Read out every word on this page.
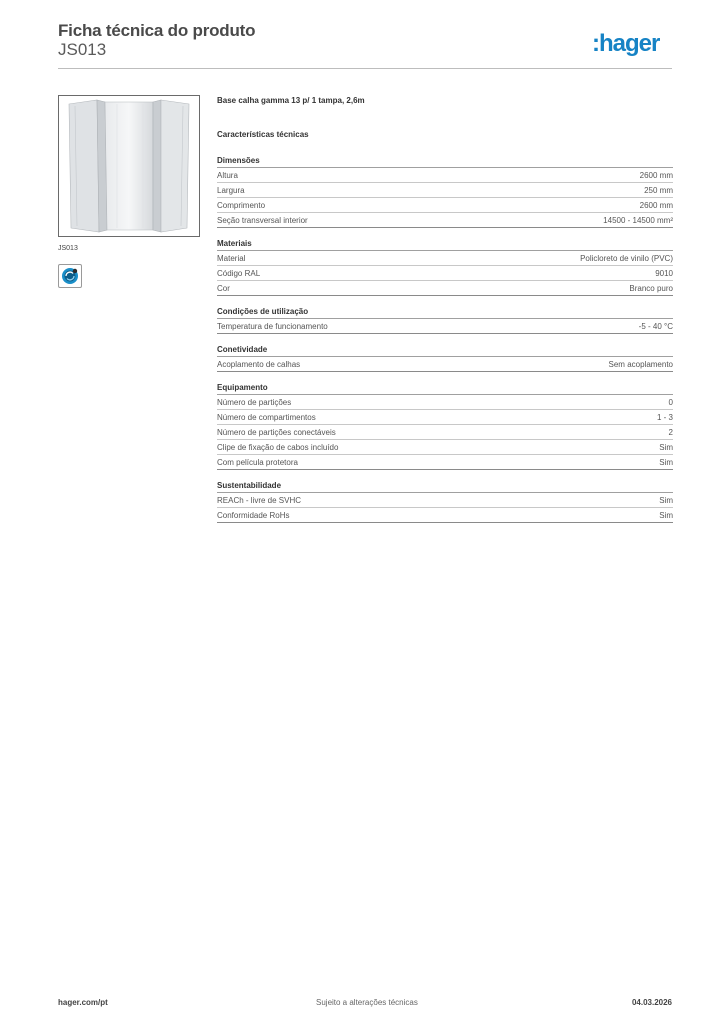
Ficha técnica do produto
JS013	:hager
JS013
Base calha gamma 13 p/ 1 tampa, 2,6m
Características técnicas
Dimensões
Altura	2600 mm
Largura	250 mm
Comprimento	2600 mm
Seção transversal interior	14500 - 14500 mm²
Materiais
Material	Policloreto de vinilo (PVC)
Código RAL	9010
Cor	Branco puro
Condições de utilização
Temperatura de funcionamento	-5 - 40 °C
Conetividade
Acoplamento de calhas	Sem acoplamento
Equipamento
Número de partições	0
Número de compartimentos	1 - 3
Número de partições conectáveis	2
Clipe de fixação de cabos incluído	Sim
Com película protetora	Sim
Sustentabilidade
REACh - livre de SVHC	Sim
Conformidade RoHs	Sim
hager.com/pt	Sujeito a alterações técnicas	04.03.2026
